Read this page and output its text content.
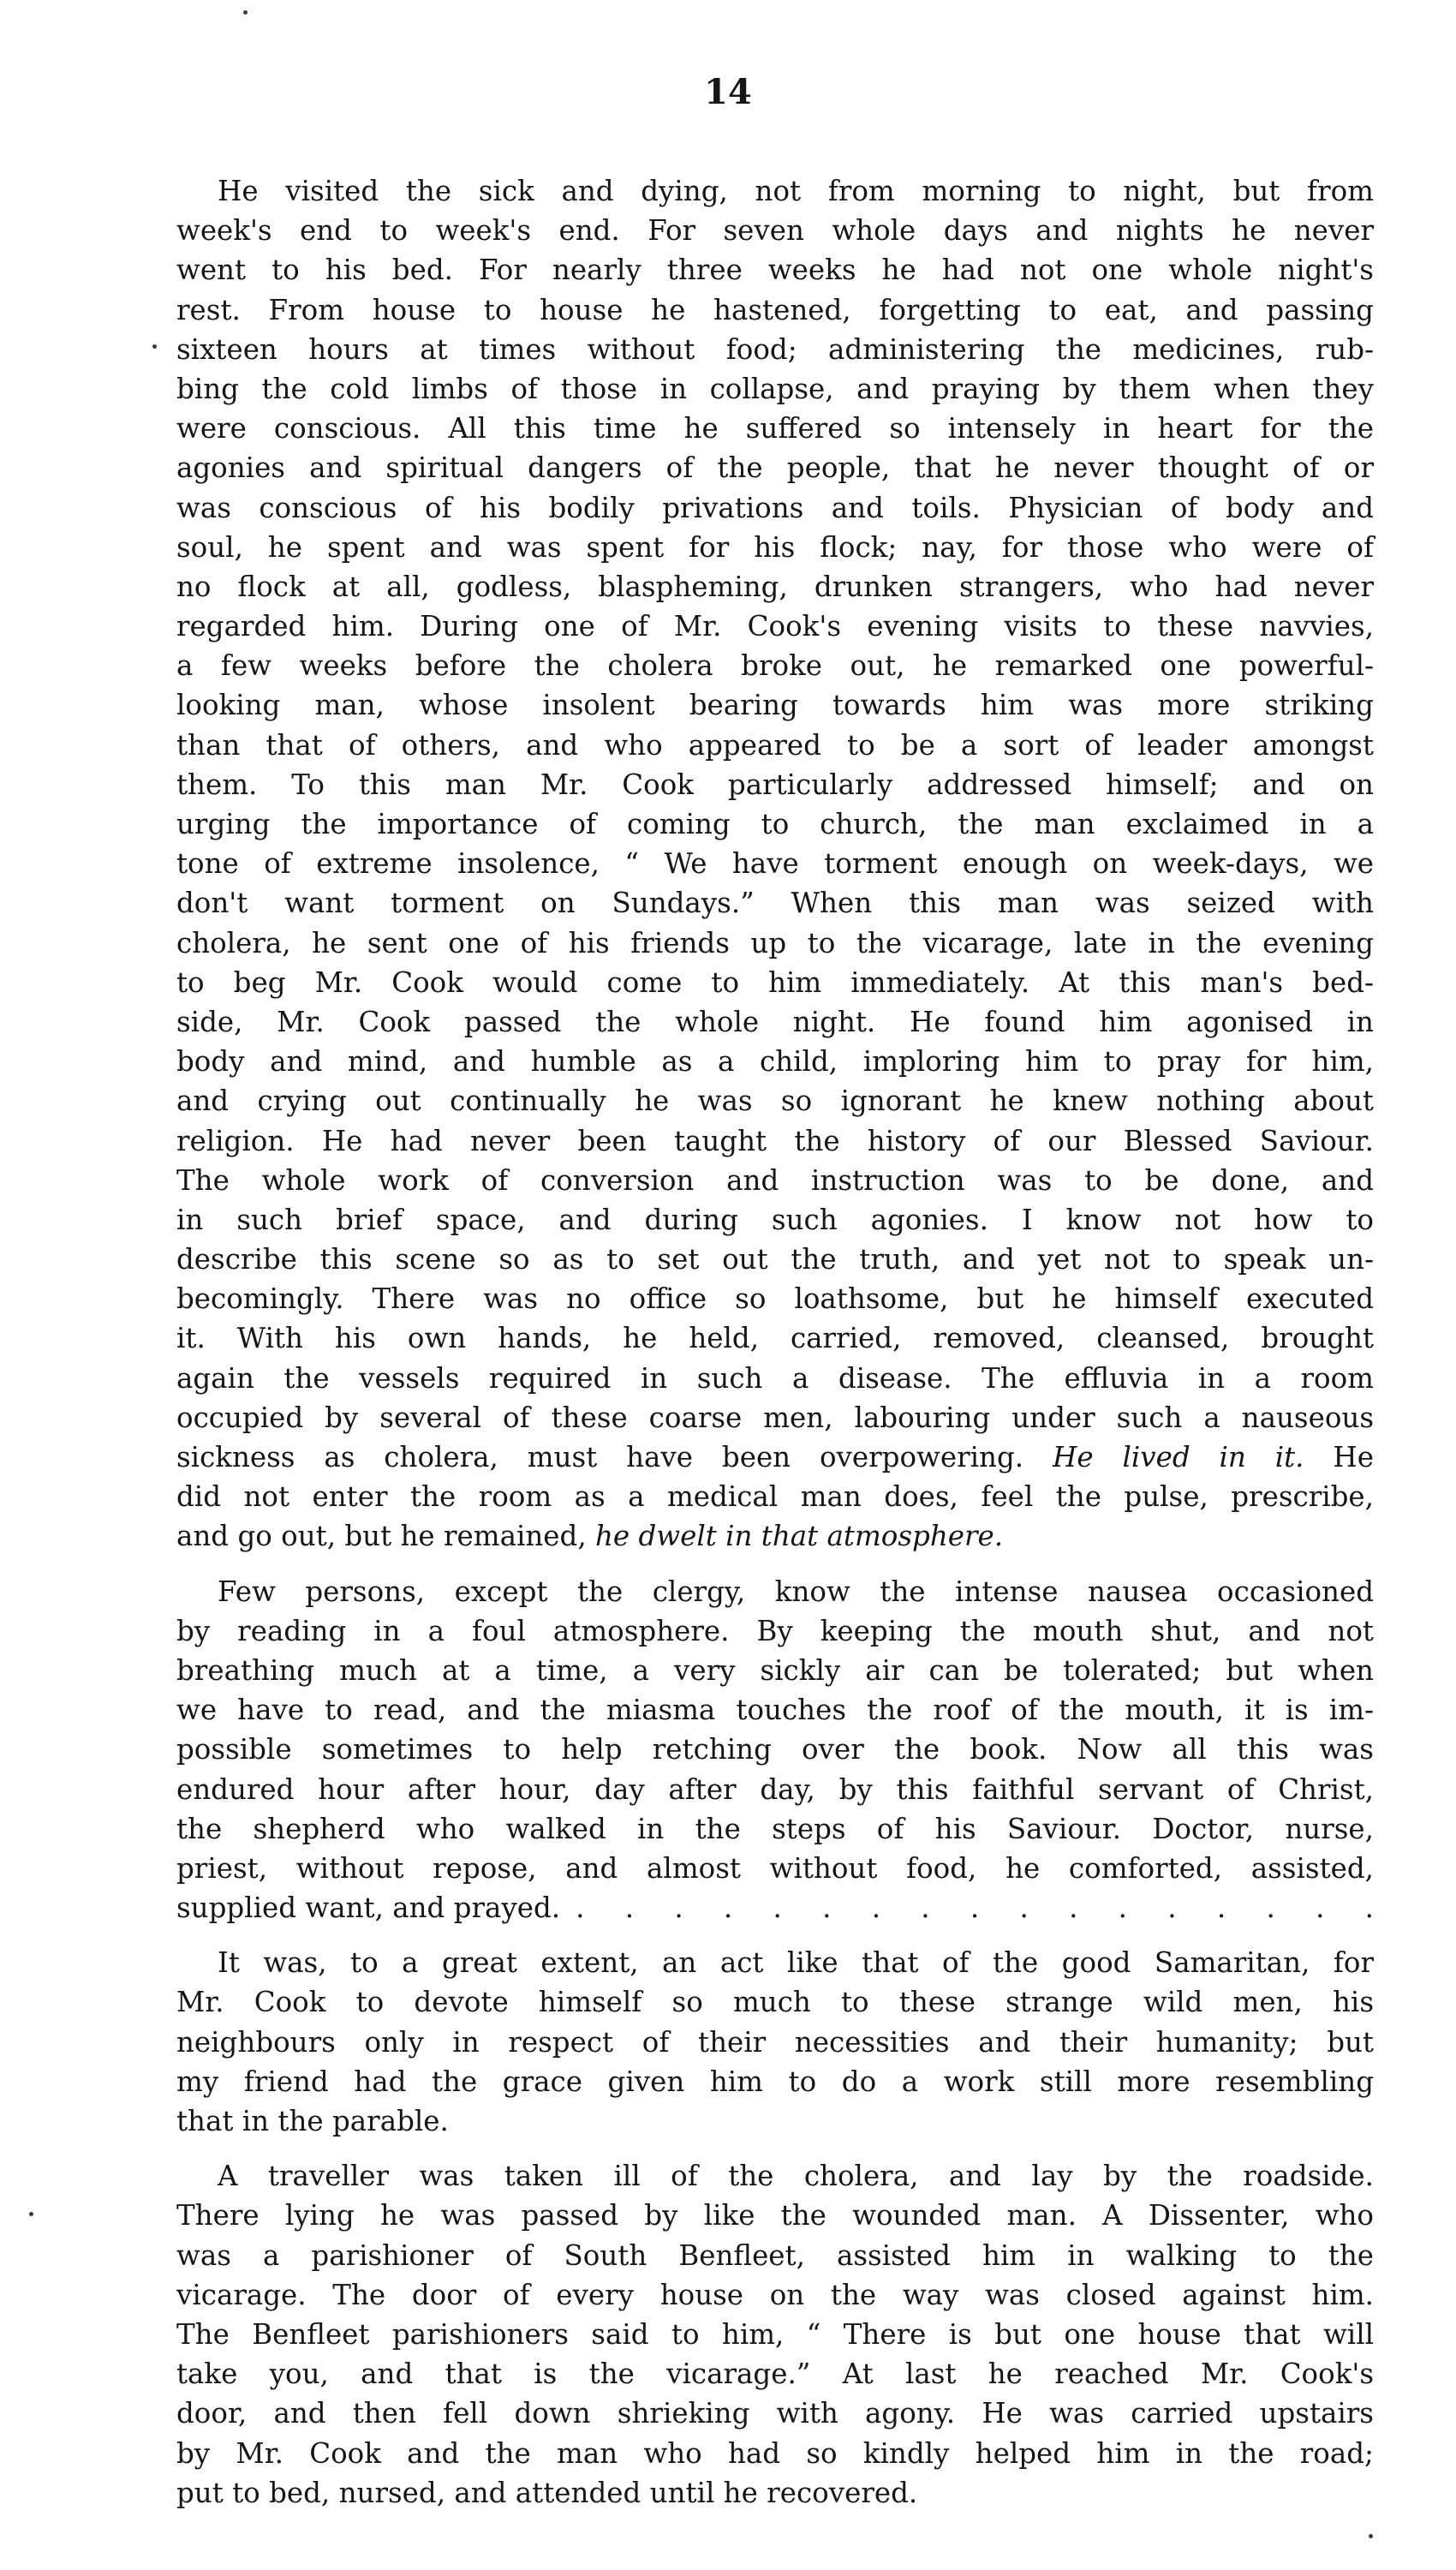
14
He visited the sick and dying, not from morning to night, but from
week's end to week's end. For seven whole days and nights he never
went to his bed. For nearly three weeks he had not one whole night's
rest. From house to house he hastened, forgetting to eat, and passing
sixteen hours at times without food; administering the medicines, rub-
bing the cold limbs of those in collapse, and praying by them when they
were conscious. All this time he suffered so intensely in heart for the
agonies and spiritual dangers of the people, that he never thought of or
was conscious of his bodily privations and toils. Physician of body and
soul, he spent and was spent for his flock; nay, for those who were of
no flock at all, godless, blaspheming, drunken strangers, who had never
regarded him. During one of Mr. Cook's evening visits to these navvies,
a few weeks before the cholera broke out, he remarked one powerful-
looking man, whose insolent bearing towards him was more striking
than that of others, and who appeared to be a sort of leader amongst
them. To this man Mr. Cook particularly addressed himself; and on
urging the importance of coming to church, the man exclaimed in a
tone of extreme insolence, “ We have torment enough on week-days, we
don't want torment on Sundays.” When this man was seized with
cholera, he sent one of his friends up to the vicarage, late in the evening
to beg Mr. Cook would come to him immediately. At this man's bed-
side, Mr. Cook passed the whole night. He found him agonised in
body and mind, and humble as a child, imploring him to pray for him,
and crying out continually he was so ignorant he knew nothing about
religion. He had never been taught the history of our Blessed Saviour.
The whole work of conversion and instruction was to be done, and
in such brief space, and during such agonies. I know not how to
describe this scene so as to set out the truth, and yet not to speak un-
becomingly. There was no office so loathsome, but he himself executed
it. With his own hands, he held, carried, removed, cleansed, brought
again the vessels required in such a disease. The effluvia in a room
occupied by several of these coarse men, labouring under such a nauseous
sickness as cholera, must have been overpowering. He lived in it. He
did not enter the room as a medical man does, feel the pulse, prescribe,
and go out, but he remained, he dwelt in that atmosphere.
Few persons, except the clergy, know the intense nausea occasioned
by reading in a foul atmosphere. By keeping the mouth shut, and not
breathing much at a time, a very sickly air can be tolerated; but when
we have to read, and the miasma touches the roof of the mouth, it is im-
possible sometimes to help retching over the book. Now all this was
endured hour after hour, day after day, by this faithful servant of Christ,
the shepherd who walked in the steps of his Saviour. Doctor, nurse,
priest, without repose, and almost without food, he comforted, assisted,
supplied want, and prayed. . . . . . . . . . . . . . . . . .
It was, to a great extent, an act like that of the good Samaritan, for
Mr. Cook to devote himself so much to these strange wild men, his
neighbours only in respect of their necessities and their humanity; but
my friend had the grace given him to do a work still more resembling
that in the parable.
A traveller was taken ill of the cholera, and lay by the roadside.
There lying he was passed by like the wounded man. A Dissenter, who
was a parishioner of South Benfleet, assisted him in walking to the
vicarage. The door of every house on the way was closed against him.
The Benfleet parishioners said to him, “ There is but one house that will
take you, and that is the vicarage.” At last he reached Mr. Cook's
door, and then fell down shrieking with agony. He was carried upstairs
by Mr. Cook and the man who had so kindly helped him in the road;
put to bed, nursed, and attended until he recovered.
